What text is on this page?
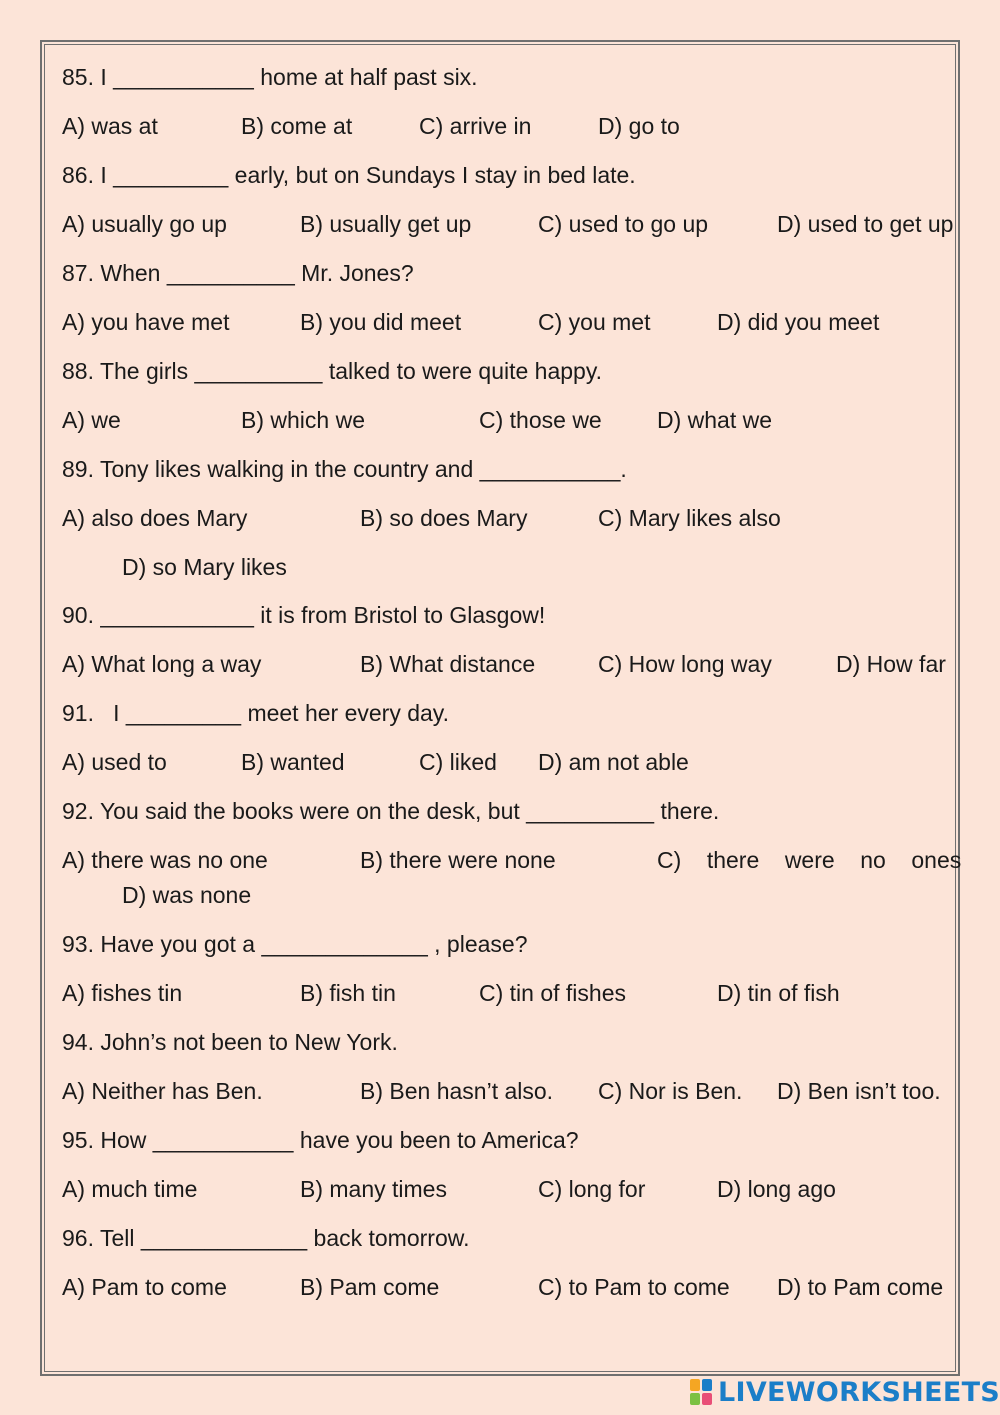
85. I ___________ home at half past six.
A) was at	B) come at	C) arrive in	D) go to
86. I _________ early, but on Sundays I stay in bed late.
A) usually go up	B) usually get up	C) used to go up	D) used to get up
87. When __________ Mr. Jones?
A) you have met	B) you did meet	C) you met	D) did you meet
88. The girls __________ talked to were quite happy.
A) we	B) which we	C) those we D) what we
89. Tony likes walking in the country and ___________.
A) also does Mary	B) so does Mary	C) Mary likes also
D) so Mary likes
90. ____________ it is from Bristol to Glasgow!
A) What long a way	B) What distance	C) How long way	D) How far
91.   I _________ meet her every day.
A) used to	B) wanted	C) liked D) am not able
92. You said the books were on the desk, but __________ there.
A) there was no one	B) there were none	C)    there    were    no    ones
D) was none
93. Have you got a _____________ , please?
A) fishes tin	B) fish tin	C) tin of fishes	D) tin of fish
94. John’s not been to New York.
A) Neither has Ben.	B) Ben hasn’t also. C) Nor is Ben. D) Ben isn’t too.
95. How ___________ have you been to America?
A) much time	B) many times	C) long for	D) long ago
96. Tell _____________ back tomorrow.
A) Pam to come	B) Pam come	C) to Pam to come D) to Pam come
LIVEWORKSHEETS
